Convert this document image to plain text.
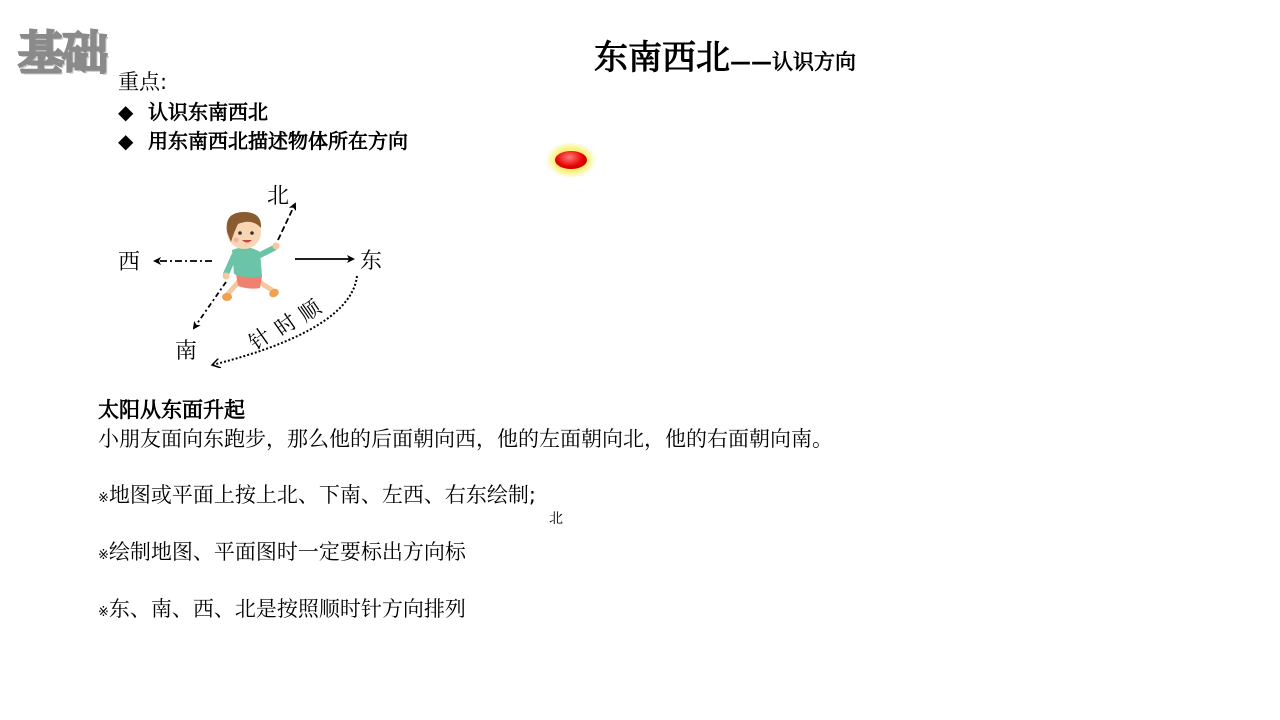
基础	东南西北——认识方向
重点:
◆ 认识东南西北
◆ 用东南西北描述物体所在方向
北
西	东
南
顺
时
针
太阳从东面升起
小朋友面向东跑步，那么他的后面朝向西，他的左面朝向北，他的右面朝向南。
※地图或平面上按上北、下南、左西、右东绘制;
北
※绘制地图、平面图时一定要标出方向标
※东、南、西、北是按照顺时针方向排列
